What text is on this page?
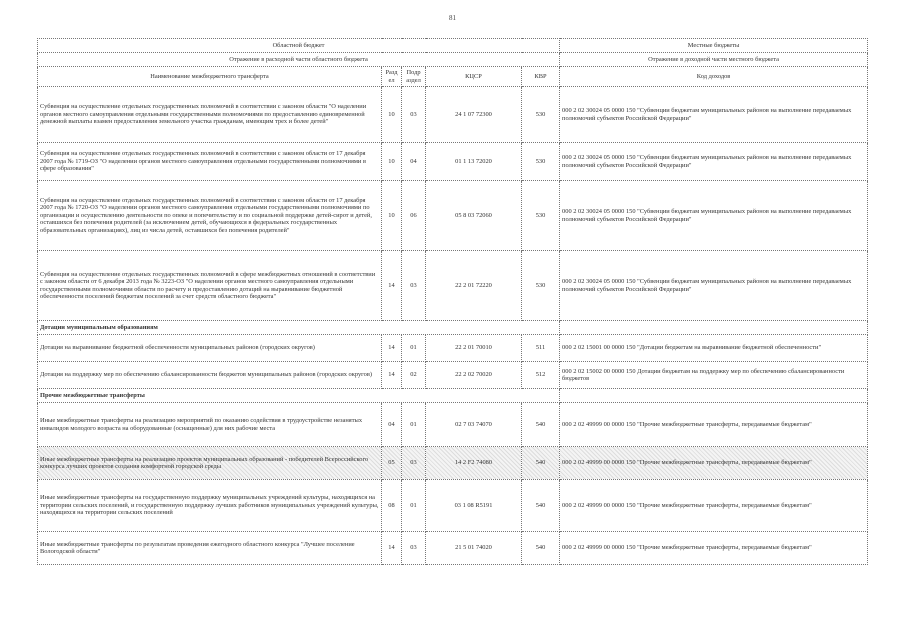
81
Областной бюджет					Местные бюджеты
Отражение в расходной части областного бюджета					Отражение в доходной части местного бюджета
Наименование межбюджетного трансферта	Разд ел	Подр аздел	КЦСР	КВР	Код доходов
Субвенция на осуществление отдельных государственных полномочий в соответствии с законом области "О наделении органов местного самоуправления отдельными государственными полномочиями по предоставлению единовременной денежной выплаты взамен предоставления земельного участка гражданам, имеющим трех и более детей"	10	03	24 1 07 72300	530	000 2 02 30024 05 0000 150 "Субвенции бюджетам муниципальных районов на выполнение передаваемых полномочий субъектов Российской Федерации"
Субвенция на осуществление отдельных государственных полномочий в соответствии с законом области от 17 декабря 2007 года № 1719-ОЗ "О наделении органов местного самоуправления отдельными государственными полномочиями в сфере образования"	10	04	01 1 13 72020	530	000 2 02 30024 05 0000 150 "Субвенции бюджетам муниципальных районов на выполнение передаваемых полномочий субъектов Российской Федерации"
Субвенция на осуществление отдельных государственных полномочий в соответствии с законом области от 17 декабря 2007 года № 1720-ОЗ "О наделении органов местного самоуправления отдельными государственными полномочиями по организации и осуществлению деятельности по опеке и попечительству и по социальной поддержке детей-сирот и детей, оставшихся без попечения родителей (за исключением детей, обучающихся в федеральных государственных образовательных организациях), лиц из числа детей, оставшихся без попечения родителей"	10	06	05 8 03 72060	530	000 2 02 30024 05 0000 150 "Субвенции бюджетам муниципальных районов на выполнение передаваемых полномочий субъектов Российской Федерации"
Субвенция на осуществление отдельных государственных полномочий в сфере межбюджетных отношений в соответствии с законом области от 6 декабря 2013 года № 3223-ОЗ "О наделении органов местного самоуправления отдельными государственными полномочиями области по расчету и предоставлению дотаций на выравнивание бюджетной обеспеченности поселений бюджетам поселений за счет средств областного бюджета"	14	03	22 2 01 72220	530	000 2 02 30024 05 0000 150 "Субвенции бюджетам муниципальных районов на выполнение передаваемых полномочий субъектов Российской Федерации"
Дотации муниципальным образованиям					
Дотация на выравнивание бюджетной обеспеченности муниципальных районов (городских округов)	14	01	22 2 01 70010	511	000 2 02 15001 00 0000 150 "Дотации бюджетам на выравнивание бюджетной обеспеченности"
Дотация на поддержку мер по обеспечению сбалансированности бюджетов муниципальных районов (городских округов)	14	02	22 2 02 70020	512	000 2 02 15002 00 0000 150 Дотации бюджетам на поддержку мер по обеспечению сбалансированности бюджетов
Прочие межбюджетные трансферты					
Иные межбюджетные трансферты на реализацию мероприятий по оказанию содействия в трудоустройстве незанятых инвалидов молодого возраста на оборудованные (оснащенные) для них рабочие места	04	01	02 7 03 74070	540	000 2 02 49999 00 0000 150 "Прочие межбюджетные трансферты, передаваемые бюджетам"
Иные межбюджетные трансферты на реализацию проектов муниципальных образований - победителей Всероссийского конкурса лучших проектов создания комфортной городской среды	05	03	14 2 F2 74080	540	000 2 02 49999 00 0000 150 "Прочие межбюджетные трансферты, передаваемые бюджетам"
Иные межбюджетные трансферты на государственную поддержку муниципальных учреждений культуры, находящихся на территории сельских поселений, и государственную поддержку лучших работников муниципальных учреждений культуры, находящихся на территории сельских поселений	08	01	03 1 08 R5191	540	000 2 02 49999 00 0000 150 "Прочие межбюджетные трансферты, передаваемые бюджетам"
Иные межбюджетные трансферты по результатам проведения ежегодного областного конкурса "Лучшее поселение Вологодской области"	14	03	21 5 01 74020	540	000 2 02 49999 00 0000 150 "Прочие межбюджетные трансферты, передаваемые бюджетам"
